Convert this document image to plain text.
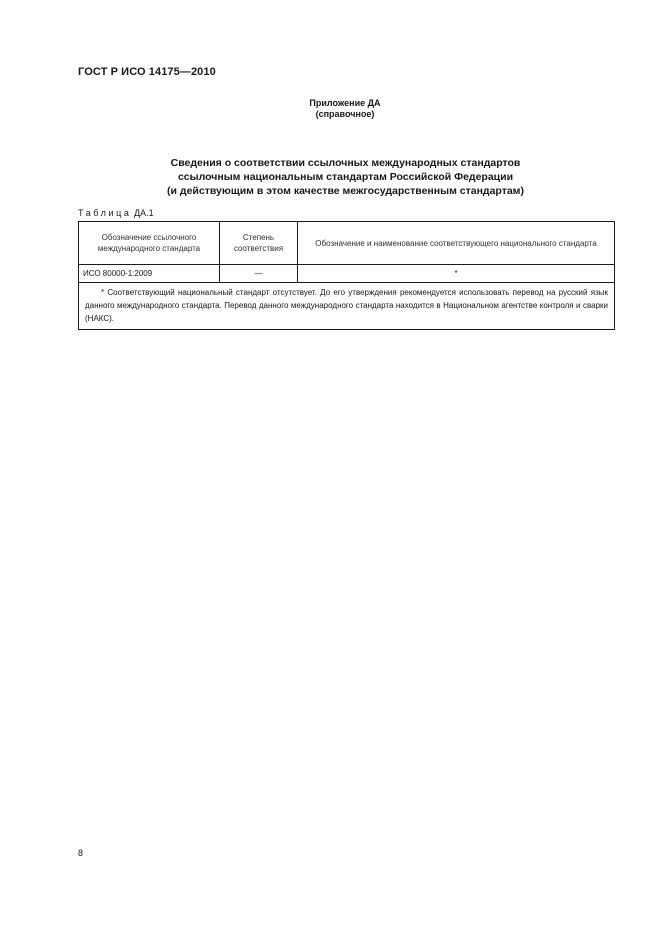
ГОСТ Р ИСО 14175—2010
Приложение ДА
(справочное)
Сведения о соответствии ссылочных международных стандартов
ссылочным национальным стандартам Российской Федерации
(и действующим в этом качестве межгосударственным стандартам)
Таблица ДА.1
Обозначение ссылочного международного стандарта	Степень соответствия	Обозначение и наименование соответствующего национального стандарта
ИСО 80000-1:2009	—	*
* Соответствующий национальный стандарт отсутствует. До его утверждения рекомендуется использовать перевод на русский язык данного международного стандарта. Перевод данного международного стандарта находится в Национальном агентстве контроля и сварки (НАКС).		
8
